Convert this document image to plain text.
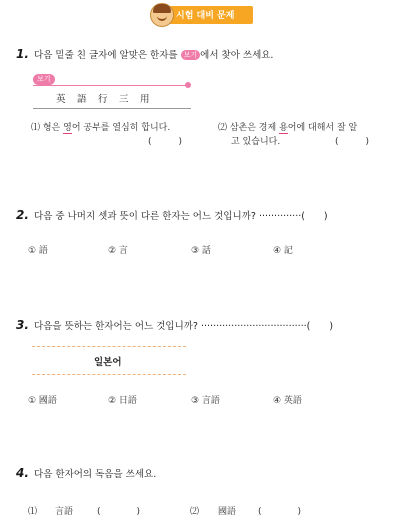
시험 대비 문제
1. 다음 밑줄 친 글자에 알맞은 한자를 보기 에서 찾아 쓰세요.
보기
英　語　行　三　用
⑴ 형은 영어 공부를 열심히 합니다.
(　　　)
⑵ 삼촌은 경제 용어에 대해서 잘 알
고 있습니다.	(　　　)
2. 다음 중 나머지 셋과 뜻이 다른 한자는 어느 것입니까? ··············(　　)
① 語	② 言	③ 話	④ 記
3. 다음을 뜻하는 한자어는 어느 것입니까? ···································(　　)
일본어
① 國語	② 日語	③ 言語	④ 英語
4. 다음 한자어의 독음을 쓰세요.
⑴ 言語	(　　　　)	⑵ 國語 (　　　　)
